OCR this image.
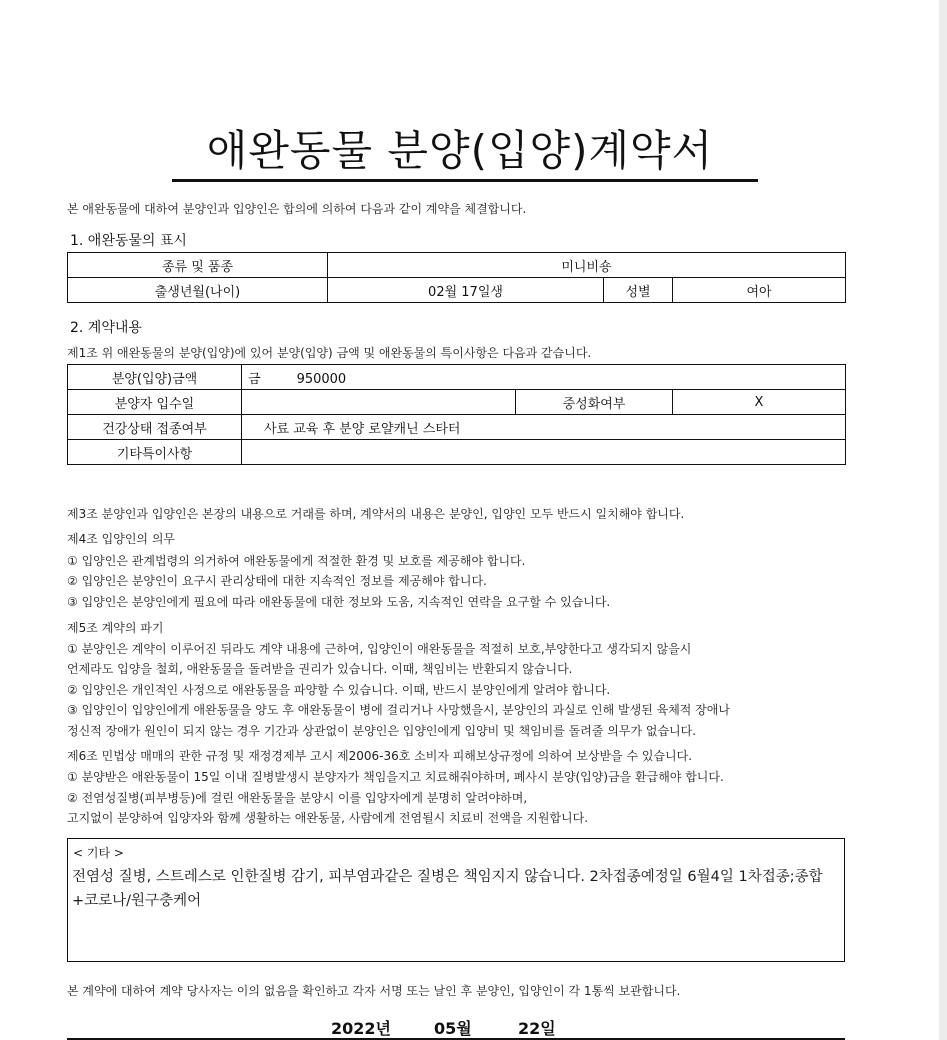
애완동물 분양(입양)계약서
본 애완동물에 대하여 분양인과 입양인은 합의에 의하여 다음과 같이 계약을 체결합니다.
1. 애완동물의 표시
종류 및 품종	미니비숑		
출생년월(나이)	02월 17일생	성별	여아
2. 계약내용
제1조 위 애완동물의 분양(입양)에 있어 분양(입양) 금액 및 애완동물의 특이사항은 다음과 같습니다.
분양(입양)금액	금 950000		
분양자 입수일		중성화여부	X
건강상태 접종여부	사료 교육 후 분양 로얄캐닌 스타터		
기타특이사항			
제3조 분양인과 입양인은 본장의 내용으로 거래를 하며, 계약서의 내용은 분양인, 입양인 모두 반드시 일치해야 합니다.
제4조 입양인의 의무
① 입양인은 관계법령의 의거하여 애완동물에게 적절한 환경 및 보호를 제공해야 합니다.
② 입양인은 분양인이 요구시 관리상태에 대한 지속적인 정보를 제공해야 합니다.
③ 입양인은 분양인에게 필요에 따라 애완동물에 대한 정보와 도움, 지속적인 연락을 요구할 수 있습니다.
제5조 계약의 파기
① 분양인은 계약이 이루어진 뒤라도 계약 내용에 근하여, 입양인이 애완동물을 적절히 보호,부양한다고 생각되지 않을시
언제라도 입양을 철회, 애완동물을 돌려받을 권리가 있습니다. 이때, 책임비는 반환되지 않습니다.
② 입양인은 개인적인 사정으로 애완동물을 파양할 수 있습니다. 이때, 반드시 분양인에게 알려야 합니다.
③ 입양인이 입양인에게 애완동물을 양도 후 애완동물이 병에 걸리거나 사망했을시, 분양인의 과실로 인해 발생된 육체적 장애나
정신적 장애가 원인이 되지 않는 경우 기간과 상관없이 분양인은 입양인에게 입양비 및 책임비를 돌려줄 의무가 없습니다.
제6조 민법상 매매의 관한 규정 및 재정경제부 고시 제2006-36호 소비자 피해보상규정에 의하여 보상받을 수 있습니다.
① 분양받은 애완동물이 15일 이내 질병발생시 분양자가 책임을지고 치료해줘야하며, 폐사시 분양(입양)금을 환급해야 합니다.
② 전염성질병(피부병등)에 걸린 애완동물을 분양시 이를 입양자에게 분명히 알려야하며,
고지없이 분양하여 입양자와 함께 생활하는 애완동물, 사람에게 전염될시 치료비 전액을 지원합니다.
< 기타 >
전염성 질병, 스트레스로 인한질병 감기, 피부염과같은 질병은 책임지지 않습니다. 2차접종예정일 6월4일 1차접종;종합+코로나/원구충케어
본 계약에 대하여 계약 당사자는 이의 없음을 확인하고 각자 서명 또는 날인 후 분양인, 입양인이 각 1통씩 보관합니다.
2022년	05월	22일
